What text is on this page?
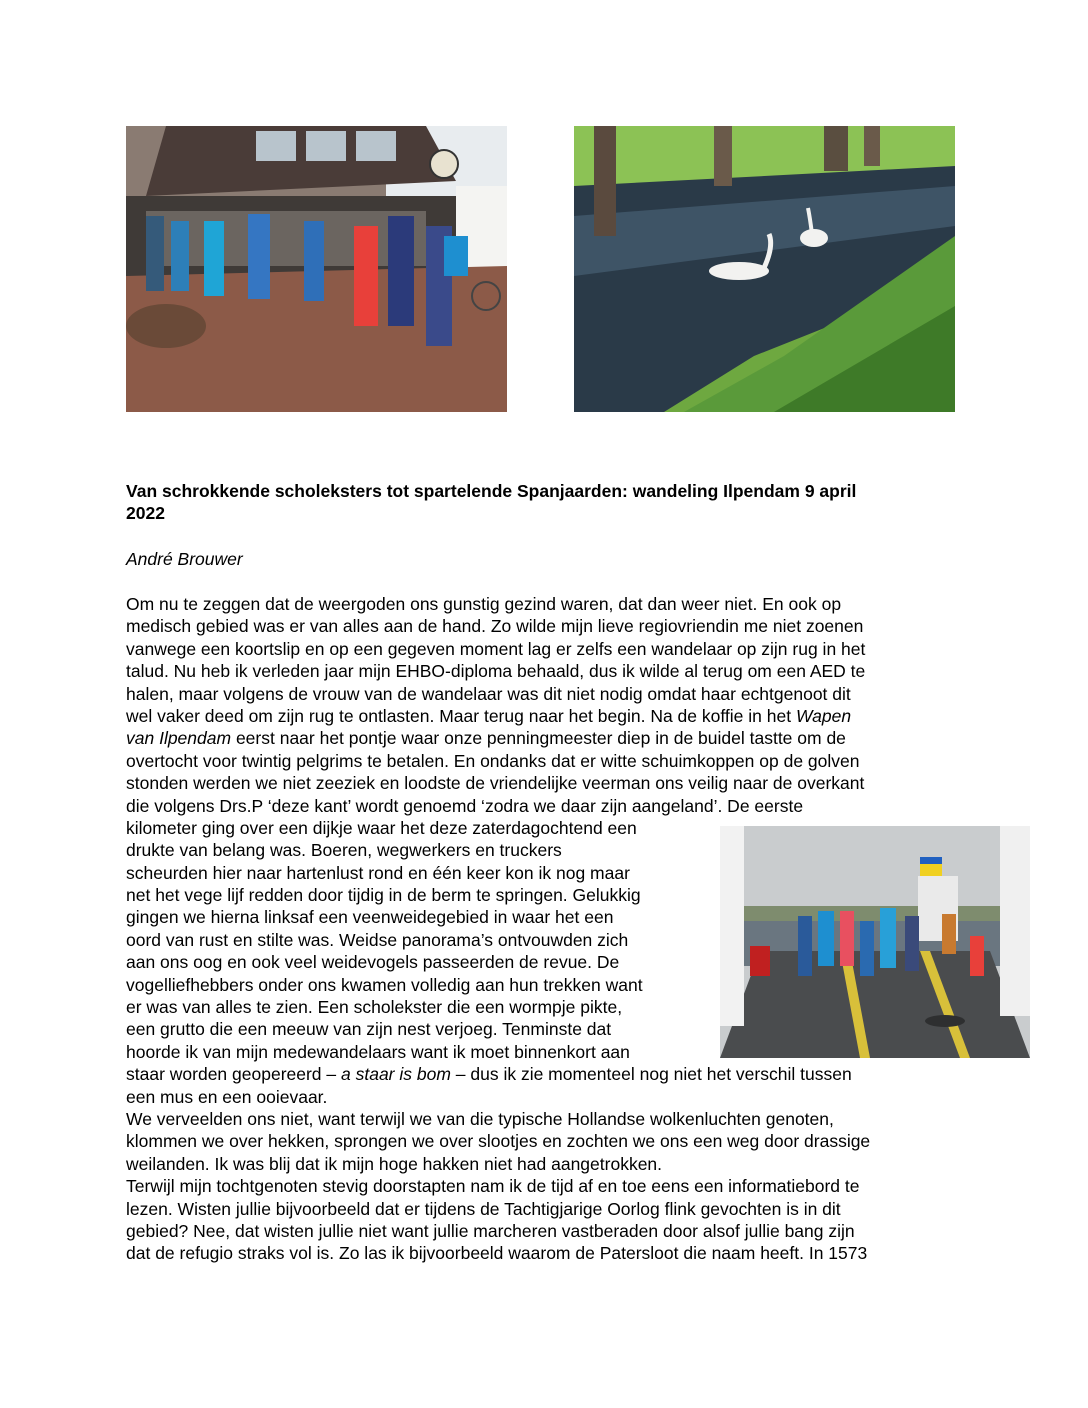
Van schrokkende scholeksters tot spartelende Spanjaarden: wandeling Ilpendam 9 april
2022
André Brouwer
Om nu te zeggen dat de weergoden ons gunstig gezind waren, dat dan weer niet. En ook op
medisch gebied was er van alles aan de hand. Zo wilde mijn lieve regiovriendin me niet zoenen
vanwege een koortslip en op een gegeven moment lag er zelfs een wandelaar op zijn rug in het
talud. Nu heb ik verleden jaar mijn EHBO-diploma behaald, dus ik wilde al terug om een AED te
halen, maar volgens de vrouw van de wandelaar was dit niet nodig omdat haar echtgenoot dit
wel vaker deed om zijn rug te ontlasten. Maar terug naar het begin. Na de koffie in het Wapen
van Ilpendam eerst naar het pontje waar onze penningmeester diep in de buidel tastte om de
overtocht voor twintig pelgrims te betalen. En ondanks dat er witte schuimkoppen op de golven
stonden werden we niet zeeziek en loodste de vriendelijke veerman ons veilig naar de overkant
die volgens Drs.P ‘deze kant’ wordt genoemd ‘zodra we daar zijn aangeland’. De eerste
kilometer ging over een dijkje waar het deze zaterdagochtend een
drukte van belang was. Boeren, wegwerkers en truckers
scheurden hier naar hartenlust rond en één keer kon ik nog maar
net het vege lijf redden door tijdig in de berm te springen. Gelukkig
gingen we hierna linksaf een veenweidegebied in waar het een
oord van rust en stilte was. Weidse panorama’s ontvouwden zich
aan ons oog en ook veel weidevogels passeerden de revue. De
vogelliefhebbers onder ons kwamen volledig aan hun trekken want
er was van alles te zien. Een scholekster die een wormpje pikte,
een grutto die een meeuw van zijn nest verjoeg. Tenminste dat
hoorde ik van mijn medewandelaars want ik moet binnenkort aan
staar worden geopereerd – a staar is bom – dus ik zie momenteel nog niet het verschil tussen
een mus en een ooievaar.
We verveelden ons niet, want terwijl we van die typische Hollandse wolkenluchten genoten,
klommen we over hekken, sprongen we over slootjes en zochten we ons een weg door drassige
weilanden. Ik was blij dat ik mijn hoge hakken niet had aangetrokken.
Terwijl mijn tochtgenoten stevig doorstapten nam ik de tijd af en toe eens een informatiebord te
lezen. Wisten jullie bijvoorbeeld dat er tijdens de Tachtigjarige Oorlog flink gevochten is in dit
gebied? Nee, dat wisten jullie niet want jullie marcheren vastberaden door alsof jullie bang zijn
dat de refugio straks vol is. Zo las ik bijvoorbeeld waarom de Patersloot die naam heeft. In 1573
